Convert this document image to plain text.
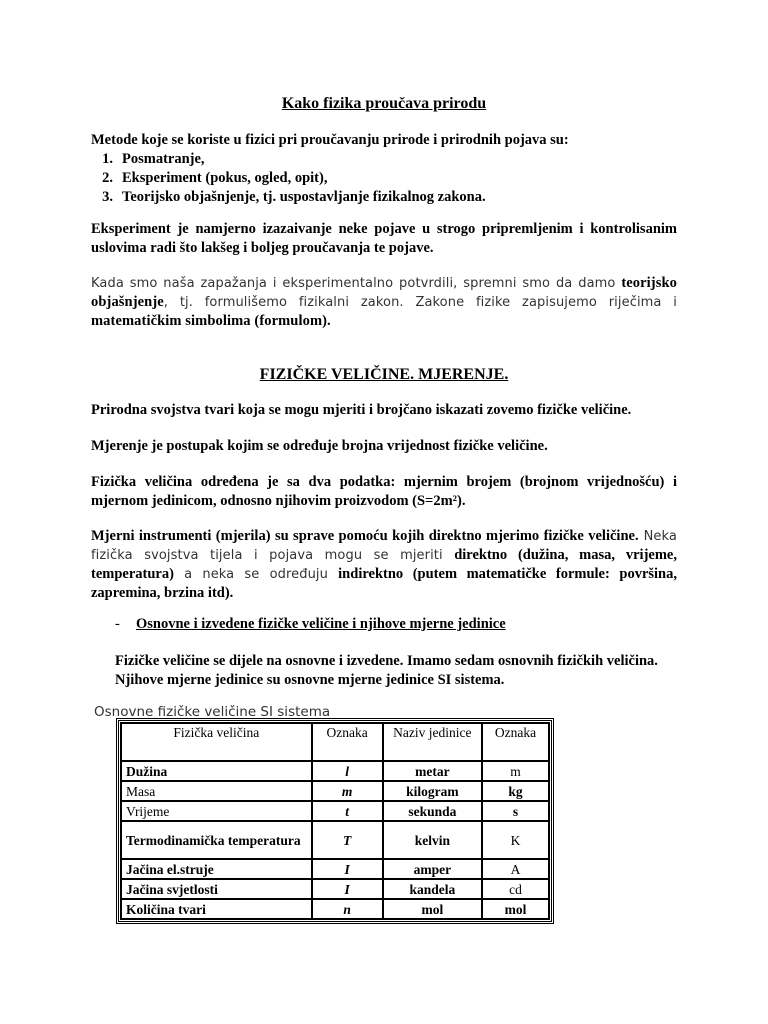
Kako fizika proučava prirodu
Metode koje se koriste u fizici pri proučavanju prirode i prirodnih pojava su:
1. Posmatranje,
2. Eksperiment (pokus, ogled, opit),
3. Teorijsko objašnjenje, tj. uspostavljanje fizikalnog zakona.
Eksperiment je namjerno izazaivanje neke pojave u strogo pripremljenim i kontrolisanim uslovima radi što lakšeg i boljeg proučavanja te pojave.
Kada smo naša zapažanja i eksperimentalno potvrdili, spremni smo da damo teorijsko objašnjenje, tj. formulišemo fizikalni zakon. Zakone fizike zapisujemo riječima i matematičkim simbolima (formulom).
FIZIČKE VELIČINE. MJERENJE.
Prirodna svojstva tvari koja se mogu mjeriti i brojčano iskazati zovemo fizičke veličine.
Mjerenje je postupak kojim se određuje brojna vrijednost fizičke veličine.
Fizička veličina određena je sa dva podatka: mjernim brojem (brojnom vrijednošću) i mjernom jedinicom, odnosno njihovim proizvodom (S=2m²).
Mjerni instrumenti (mjerila) su sprave pomoću kojih direktno mjerimo fizičke veličine. Neka fizička svojstva tijela i pojava mogu se mjeriti direktno (dužina, masa, vrijeme, temperatura) a neka se određuju indirektno (putem matematičke formule: površina, zapremina, brzina itd).
- Osnovne i izvedene fizičke veličine i njihove mjerne jedinice
Fizičke veličine se dijele na osnovne i izvedene. Imamo sedam osnovnih fizičkih veličina. Njihove mjerne jedinice su osnovne mjerne jedinice SI sistema.
Osnovne fizičke veličine SI sistema
Fizička veličina	Oznaka	Naziv jedinice	Oznaka
Dužina	l	metar	m
Masa	m	kilogram	kg
Vrijeme	t	sekunda	s
Termodinamička temperatura	T	kelvin	K
Jačina el.struje	I	amper	A
Jačina svjetlosti	I	kandela	cd
Količina tvari	n	mol	mol
